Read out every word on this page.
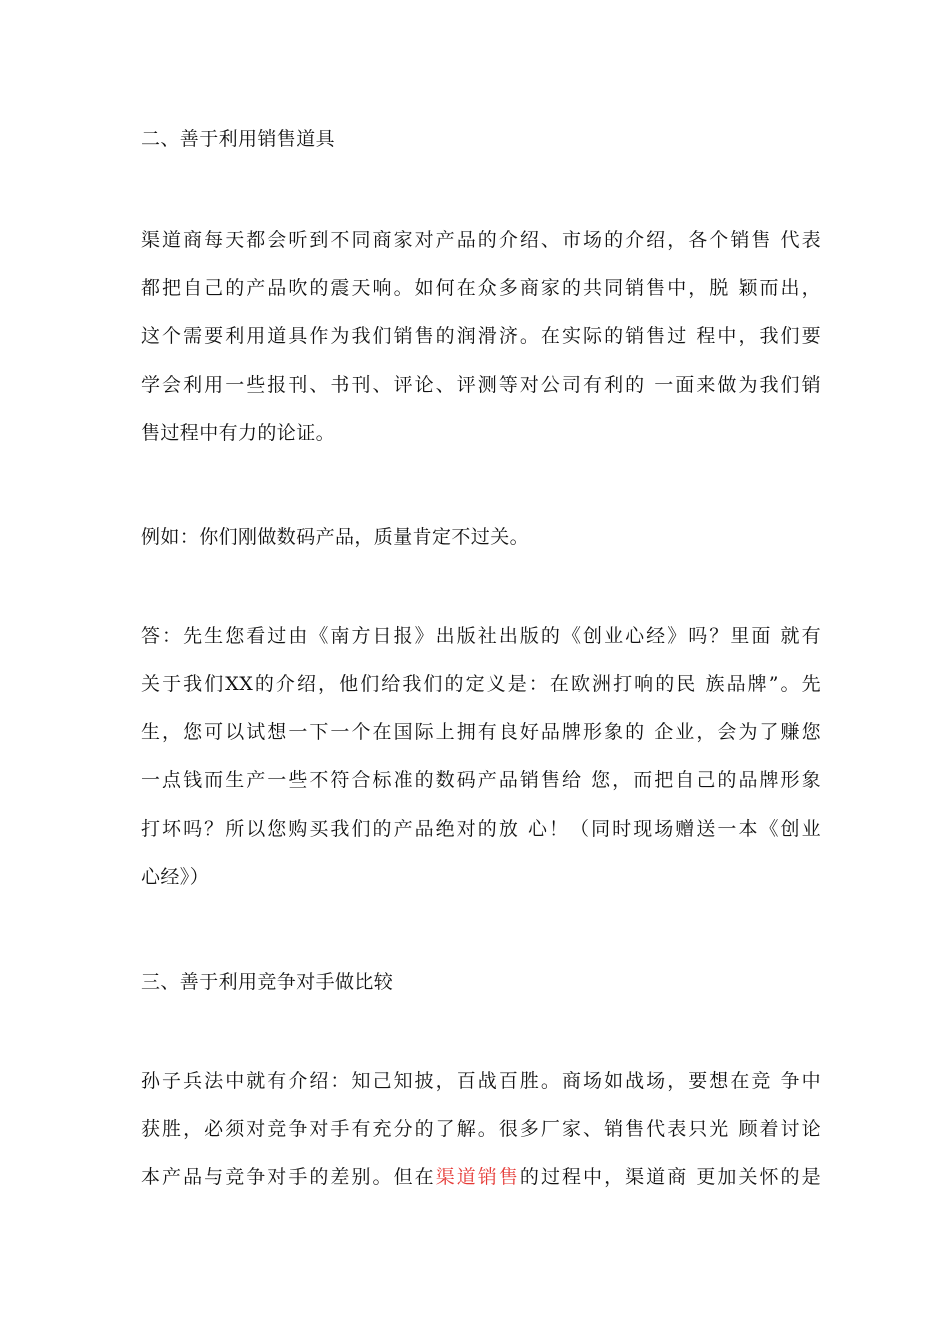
二、善于利用销售道具
渠道商每天都会听到不同商家对产品的介绍、市场的介绍，各个销售 代表
都把自己的产品吹的震天响。如何在众多商家的共同销售中，脱 颖而出，
这个需要利用道具作为我们销售的润滑济。在实际的销售过 程中，我们要
学会利用一些报刊、书刊、评论、评测等对公司有利的 一面来做为我们销
售过程中有力的论证。
例如：你们刚做数码产品，质量肯定不过关。
答：先生您看过由《南方日报》出版社出版的《创业心经》吗？里面 就有
关于我们XX的介绍，他们给我们的定义是：在欧洲打响的民 族品牌”。先
生，您可以试想一下一个在国际上拥有良好品牌形象的 企业，会为了赚您
一点钱而生产一些不符合标准的数码产品销售给 您，而把自己的品牌形象
打坏吗？所以您购买我们的产品绝对的放 心！（同时现场赠送一本《创业
心经》）
三、善于利用竞争对手做比较
孙子兵法中就有介绍：知己知披，百战百胜。商场如战场，要想在竞 争中
获胜，必须对竞争对手有充分的了解。很多厂家、销售代表只光 顾着讨论
本产品与竞争对手的差别。但在渠道销售的过程中，渠道商 更加关怀的是
